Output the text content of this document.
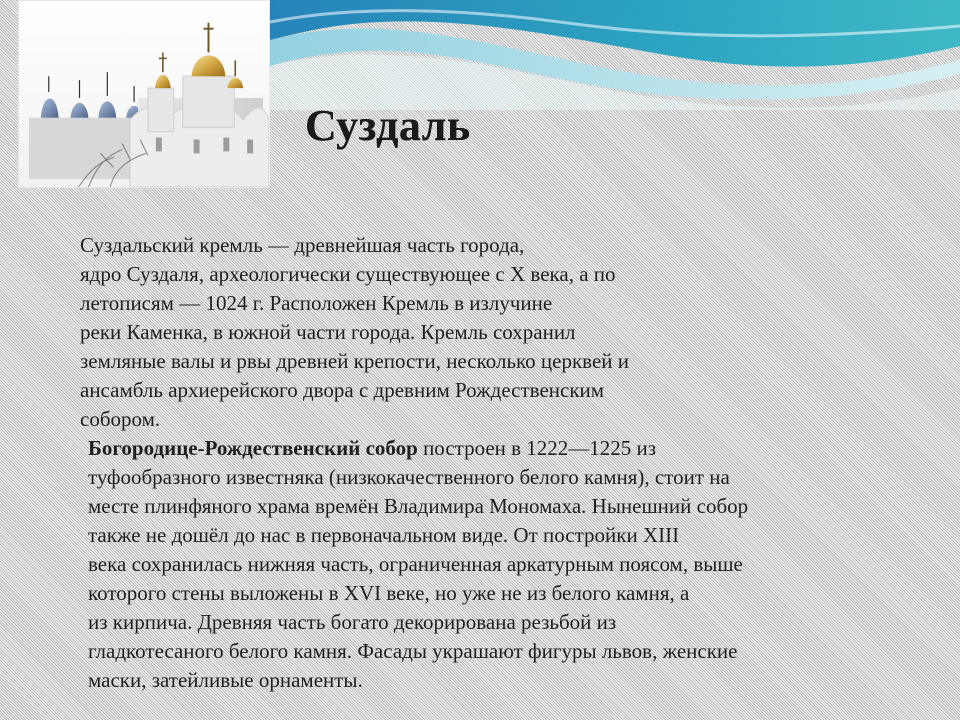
Суздаль
Суздальский кремль — древнейшая часть города,
ядро Суздаля, археологически существующее с X века, а по
летописям — 1024 г. Расположен Кремль в излучине
реки Каменка, в южной части города. Кремль сохранил
земляные валы и рвы древней крепости, несколько церквей и
ансамбль архиерейского двора с древним Рождественским
собором.
Богородице-Рождественский собор построен в 1222—1225 из
туфообразного известняка (низкокачественного белого камня), стоит на
месте плинфяного храма времён Владимира Мономаха. Нынешний собор
также не дошёл до нас в первоначальном виде. От постройки XIII
века сохранилась нижняя часть, ограниченная аркатурным поясом, выше
которого стены выложены в XVI веке, но уже не из белого камня, а
из кирпича. Древняя часть богато декорирована резьбой из
гладкотесаного белого камня. Фасады украшают фигуры львов, женские
маски, затейливые орнаменты.
